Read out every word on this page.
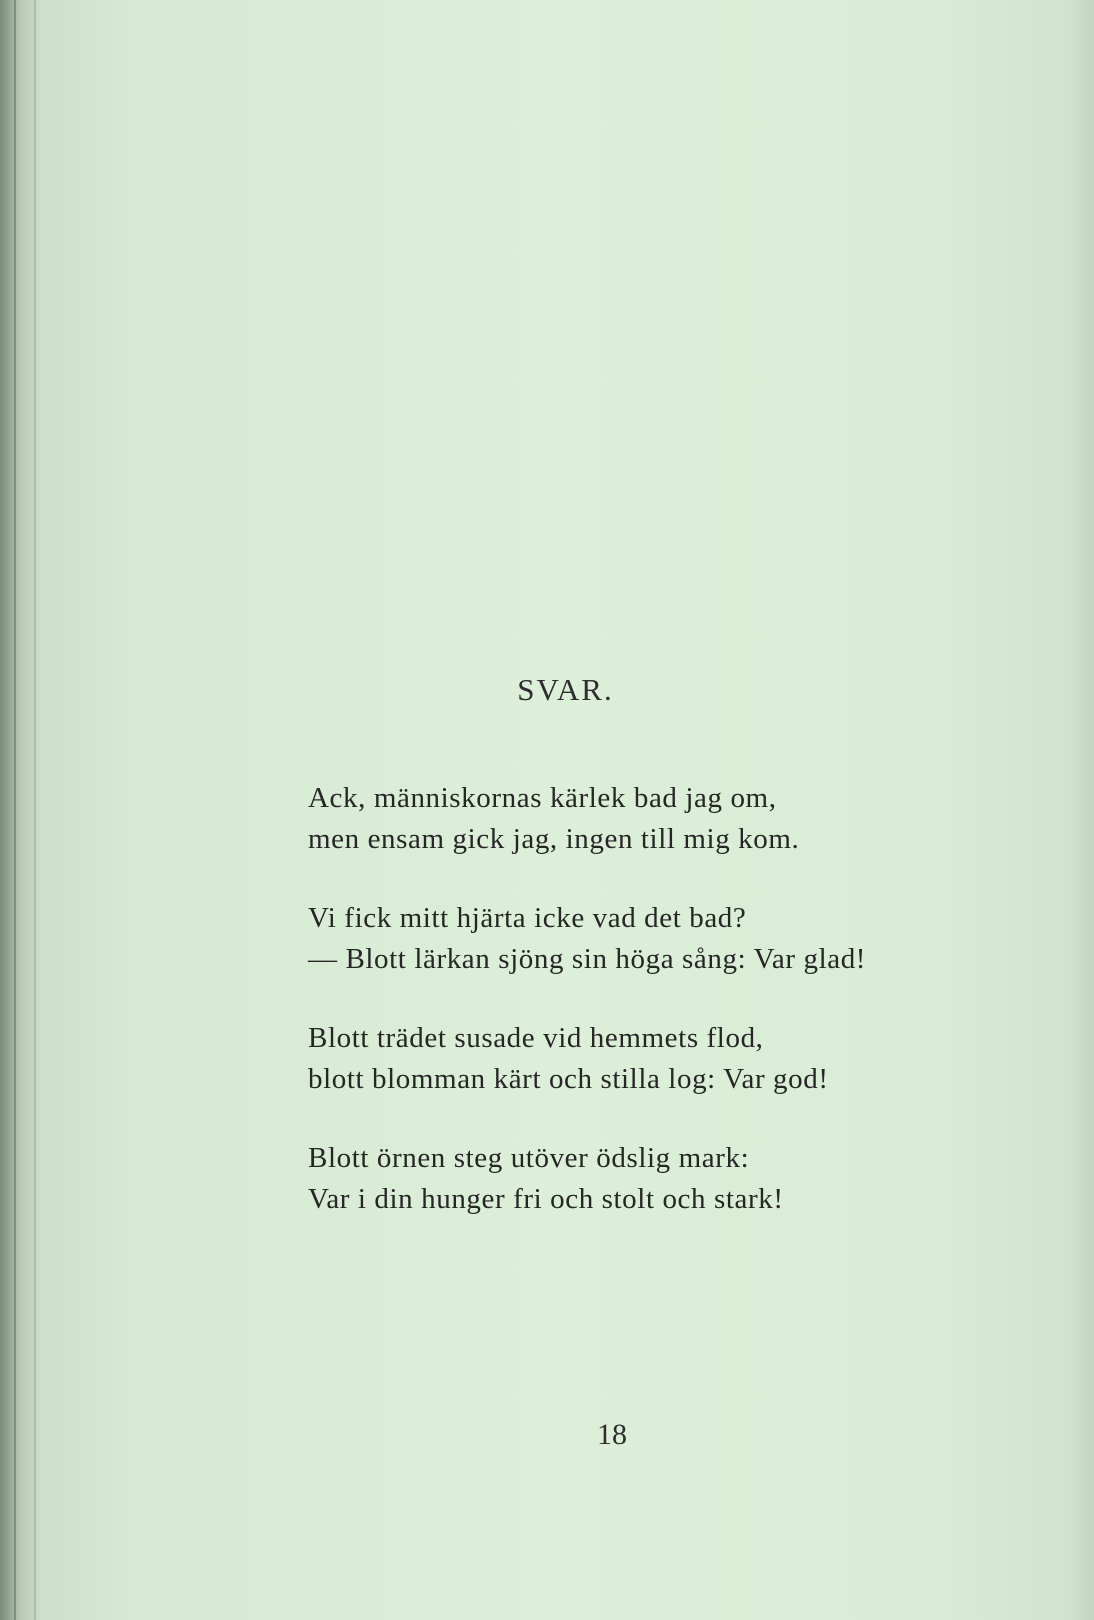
SVAR.
Ack, människornas kärlek bad jag om,
men ensam gick jag, ingen till mig kom.
Vi fick mitt hjärta icke vad det bad?
— Blott lärkan sjöng sin höga sång: Var glad!
Blott trädet susade vid hemmets flod,
blott blomman kärt och stilla log: Var god!
Blott örnen steg utöver ödslig mark:
Var i din hunger fri och stolt och stark!
18
